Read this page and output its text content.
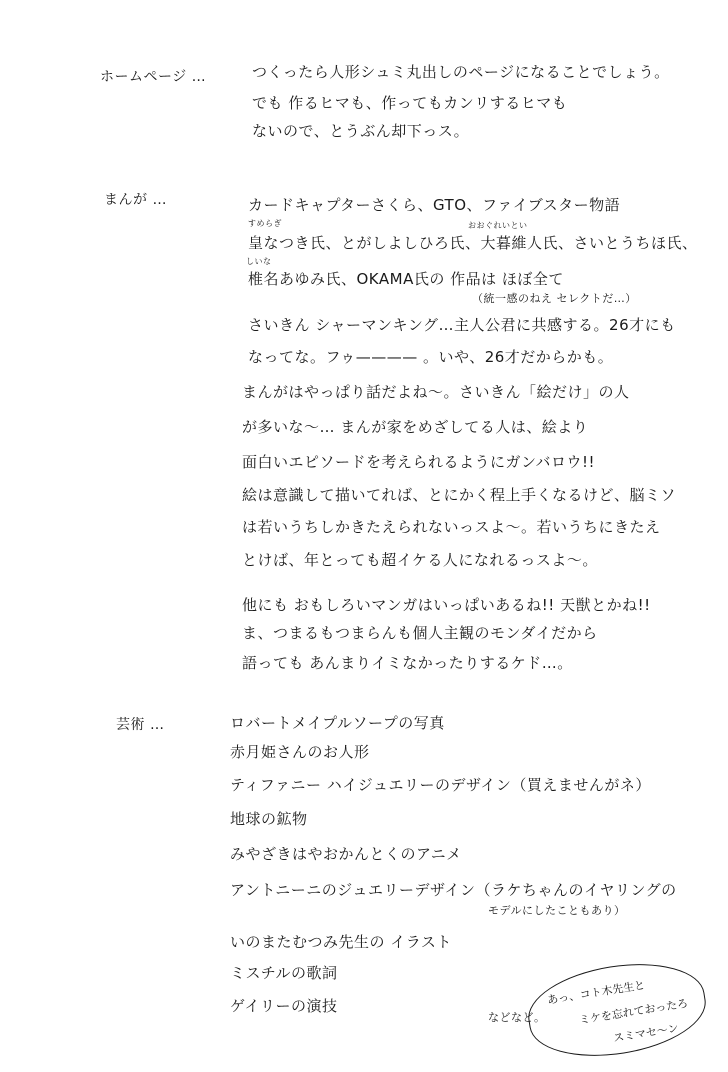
ホームページ …	つくったら人形シュミ丸出しのページになることでしょう。
でも 作るヒマも、作ってもカンリするヒマも
ないので、とうぶん却下っス。
まんが …	カードキャプターさくら、GTO、ファイブスター物語
すめらぎ	おおぐれいとい
皇なつき氏、とがしよしひろ氏、大暮維人氏、さいとうちほ氏、
しいな
椎名あゆみ氏、OKAMA氏の 作品は ほぼ全て
（統一感のねえ セレクトだ…）
さいきん シャーマンキング…主人公君に共感する。26才にも
なってな。フゥ———— 。いや、26才だからかも。
まんがはやっぱり話だよね〜。さいきん「絵だけ」の人
が多いな〜… まんが家をめざしてる人は、絵より
面白いエピソードを考えられるようにガンバロウ!!
絵は意識して描いてれば、とにかく程上手くなるけど、脳ミソ
は若いうちしかきたえられないっスよ〜。若いうちにきたえ
とけば、年とっても超イケる人になれるっスよ〜。
他にも おもしろいマンガはいっぱいあるね!! 天獣とかね!!
ま、つまるもつまらんも個人主観のモンダイだから
語っても あんまりイミなかったりするケド…。
芸術 …	ロバートメイプルソープの写真
赤月姫さんのお人形
ティファニー ハイジュエリーのデザイン（買えませんがネ）
地球の鉱物
みやざきはやおかんとくのアニメ
アントニーニのジュエリーデザイン（ラケちゃんのイヤリングの
モデルにしたこともあり）
いのまたむつみ先生の イラスト
ミスチルの歌詞
ゲイリーの演技	あっ、コト木先生と
ミケを忘れておったろ
スミマセ〜ン
などなど。
